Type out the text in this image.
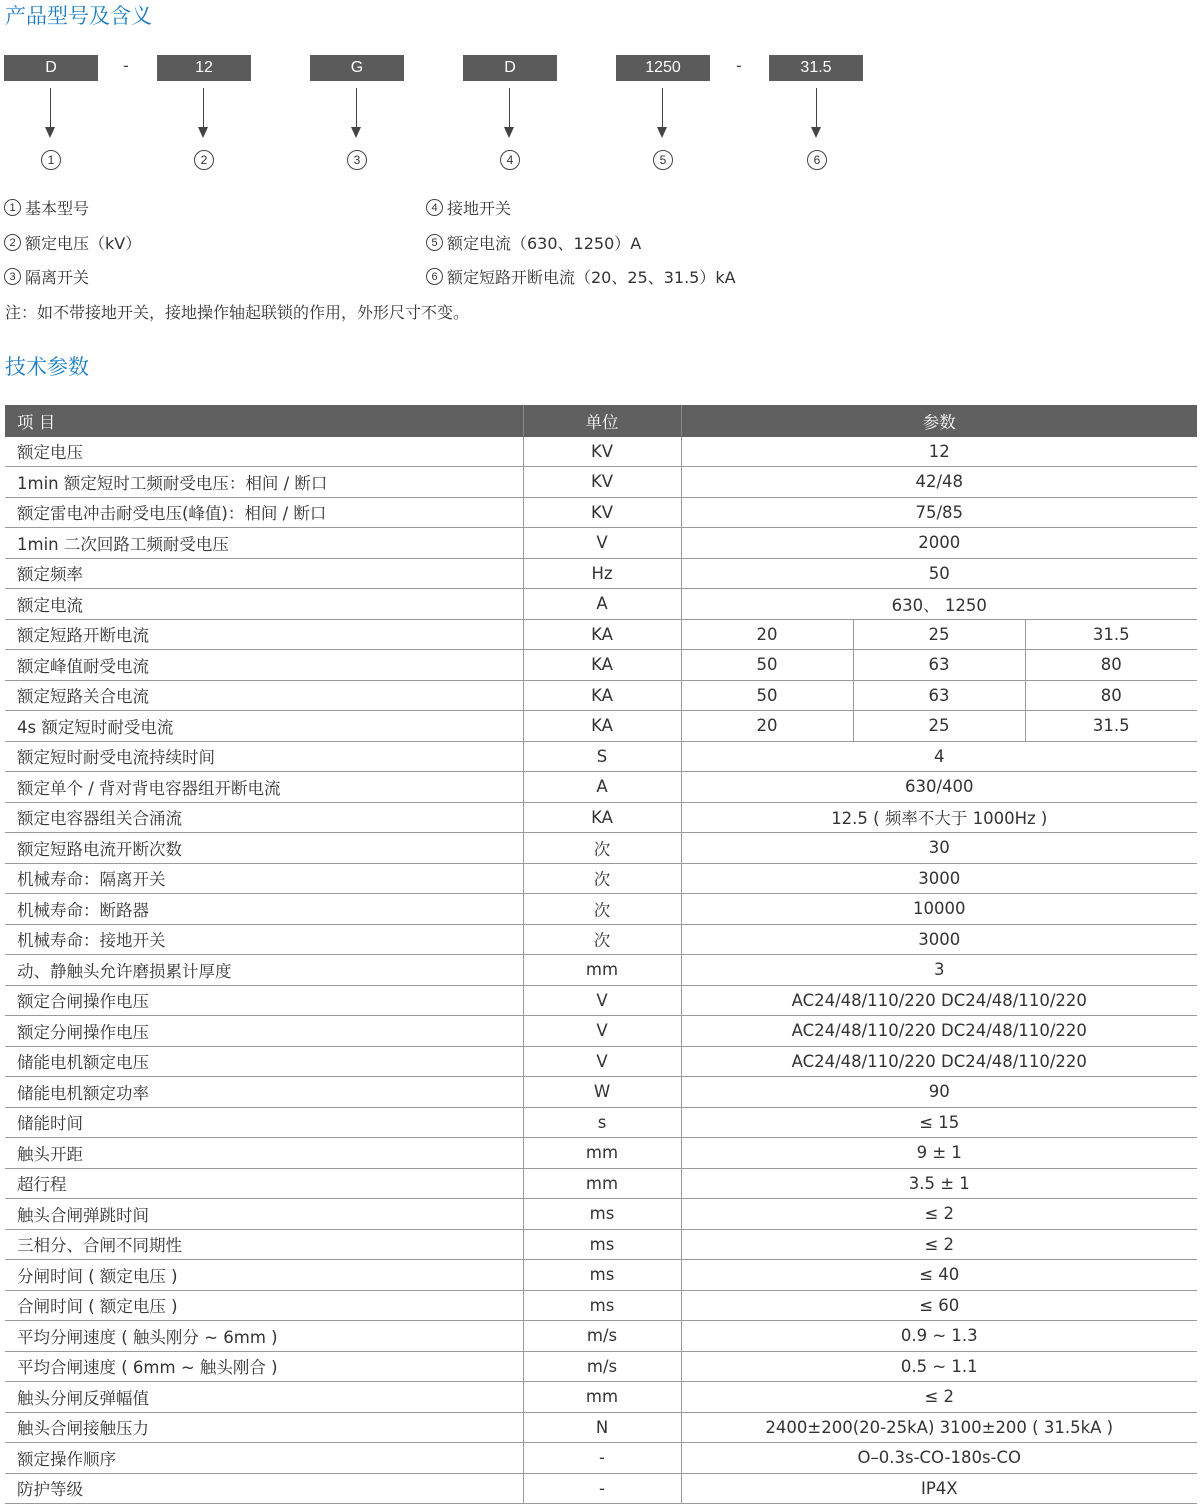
产品型号及含义
D	-	12	G	D	1250	-	31.5
1	2	3	4	5	6
1 基本型号
2 额定电压（kV）
3 隔离开关
4 接地开关
5 额定电流（630、1250）A
6 额定短路开断电流（20、25、31.5）kA
注：如不带接地开关，接地操作轴起联锁的作用，外形尺寸不变。
技术参数
项 目	单位	参数		
额定电压	KV	12		
1min 额定短时工频耐受电压：相间 / 断口	KV	42/48		
额定雷电冲击耐受电压(峰值)：相间 / 断口	KV	75/85		
1min 二次回路工频耐受电压	V	2000		
额定频率	Hz	50		
额定电流	A	630、 1250		
额定短路开断电流	KA	20	25	31.5
额定峰值耐受电流	KA	50	63	80
额定短路关合电流	KA	50	63	80
4s 额定短时耐受电流	KA	20	25	31.5
额定短时耐受电流持续时间	S	4		
额定单个 / 背对背电容器组开断电流	A	630/400		
额定电容器组关合涌流	KA	12.5 ( 频率不大于 1000Hz )		
额定短路电流开断次数	次	30		
机械寿命：隔离开关	次	3000		
机械寿命：断路器	次	10000		
机械寿命：接地开关	次	3000		
动、静触头允许磨损累计厚度	mm	3		
额定合闸操作电压	V	AC24/48/110/220 DC24/48/110/220		
额定分闸操作电压	V	AC24/48/110/220 DC24/48/110/220		
储能电机额定电压	V	AC24/48/110/220 DC24/48/110/220		
储能电机额定功率	W	90		
储能时间	s	≤ 15		
触头开距	mm	9 ± 1		
超行程	mm	3.5 ± 1		
触头合闸弹跳时间	ms	≤ 2		
三相分、合闸不同期性	ms	≤ 2		
分闸时间 ( 额定电压 )	ms	≤ 40		
合闸时间 ( 额定电压 )	ms	≤ 60		
平均分闸速度 ( 触头刚分 ~ 6mm )	m/s	0.9 ~ 1.3		
平均合闸速度 ( 6mm ~ 触头刚合 )	m/s	0.5 ~ 1.1		
触头分闸反弹幅值	mm	≤ 2		
触头合闸接触压力	N	2400±200(20-25kA) 3100±200 ( 31.5kA )		
额定操作顺序	-	O–0.3s-CO-180s-CO		
防护等级	-	IP4X		
